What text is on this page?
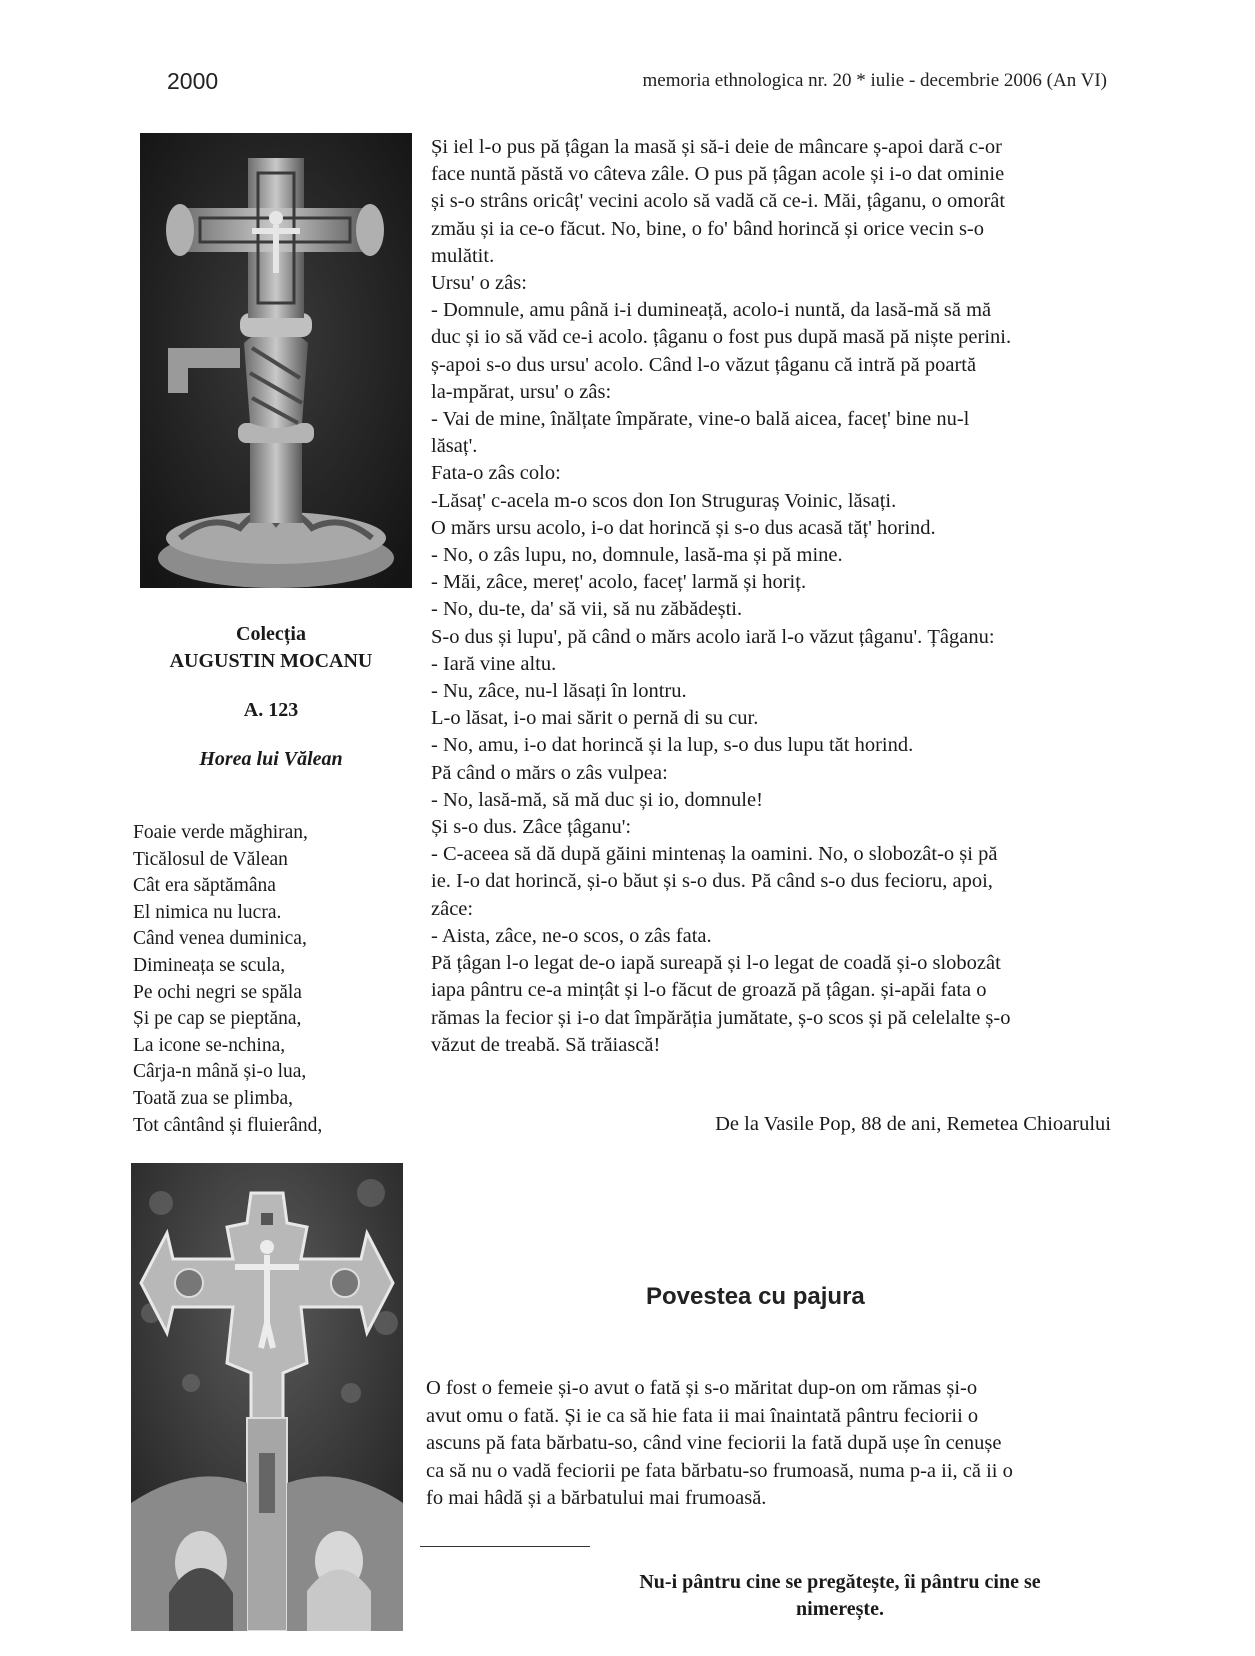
2000	memoria ethnologica nr. 20 * iulie - decembrie 2006 (An VI)
Colecția
AUGUSTIN MOCANU
A. 123
Horea lui Vălean
Foaie verde măghiran,
Ticălosul de Vălean
Cât era săptămâna
El nimica nu lucra.
Când venea duminica,
Dimineața se scula,
Pe ochi negri se spăla
Și pe cap se pieptăna,
La icone se-nchina,
Cârja-n mână și-o lua,
Toată zua se plimba,
Tot cântând și fluierând,
Și iel l-o pus pă țâgan la masă și să-i deie de mâncare ș-apoi dară c-or
face nuntă păstă vo câteva zâle. O pus pă țâgan acole și i-o dat ominie
și s-o strâns oricâț' vecini acolo să vadă că ce-i. Măi, țâganu, o omorât
zmău și ia ce-o făcut. No, bine, o fo' bând horincă și orice vecin s-o
mulătit.
Ursu' o zâs:
- Domnule, amu până i-i dumineață, acolo-i nuntă, da lasă-mă să mă
duc și io să văd ce-i acolo. țâganu o fost pus după masă pă niște perini.
ș-apoi s-o dus ursu' acolo. Când l-o văzut țâganu că intră pă poartă
la-mpărat, ursu' o zâs:
- Vai de mine, înălțate împărate, vine-o bală aicea, faceț' bine nu-l
lăsaț'.
Fata-o zâs colo:
-Lăsaț' c-acela m-o scos don Ion Strugurаș Voinic, lăsați.
O mărs ursu acolo, i-o dat horincă și s-o dus acasă tăț' horind.
- No, o zâs lupu, no, domnule, lasă-ma și pă mine.
- Măi, zâce, mereț' acolo, faceț' larmă și horiț.
- No, du-te, da' să vii, să nu zăbădești.
S-o dus și lupu', pă când o mărs acolo iară l-o văzut țâganu'. Țâganu:
- Iară vine altu.
- Nu, zâce, nu-l lăsați în lontru.
L-o lăsat, i-o mai sărit o pernă di su cur.
- No, amu, i-o dat horincă și la lup, s-o dus lupu tăt horind.
Pă când o mărs o zâs vulpea:
- No, lasă-mă, să mă duc și io, domnule!
Și s-o dus. Zâce țâganu':
- C-aceea să dă după găini mintenaș la oamini. No, o slobozât-o și pă
ie. I-o dat horincă, și-o băut și s-o dus. Pă când s-o dus fecioru, apoi,
zâce:
- Aista, zâce, ne-o scos, o zâs fata.
Pă țâgan l-o legat de-o iapă sureapă și l-o legat de coadă și-o slobozât
iapa pântru ce-a mințât și l-o făcut de groază pă țâgan. și-apăi fata o
rămas la fecior și i-o dat împărăția jumătate, ș-o scos și pă celelalte ș-o
văzut de treabă. Să trăiască!
De la Vasile Pop, 88 de ani, Remetea Chioarului
Povestea cu pajura
O fost o femeie și-o avut o fată și s-o măritat dup-on om rămas și-o
avut omu o fată. Și ie ca să hie fata ii mai înaintată pântru feciorii o
ascuns pă fata bărbatu-so, când vine feciorii la fată după ușe în cenușe
ca să nu o vadă feciorii pe fata bărbatu-so frumoasă, numa p-a ii, că ii o
fo mai hâdă și a bărbatului mai frumoasă.
Nu-i pântru cine se pregătește, îi pântru cine se
nimerește.
